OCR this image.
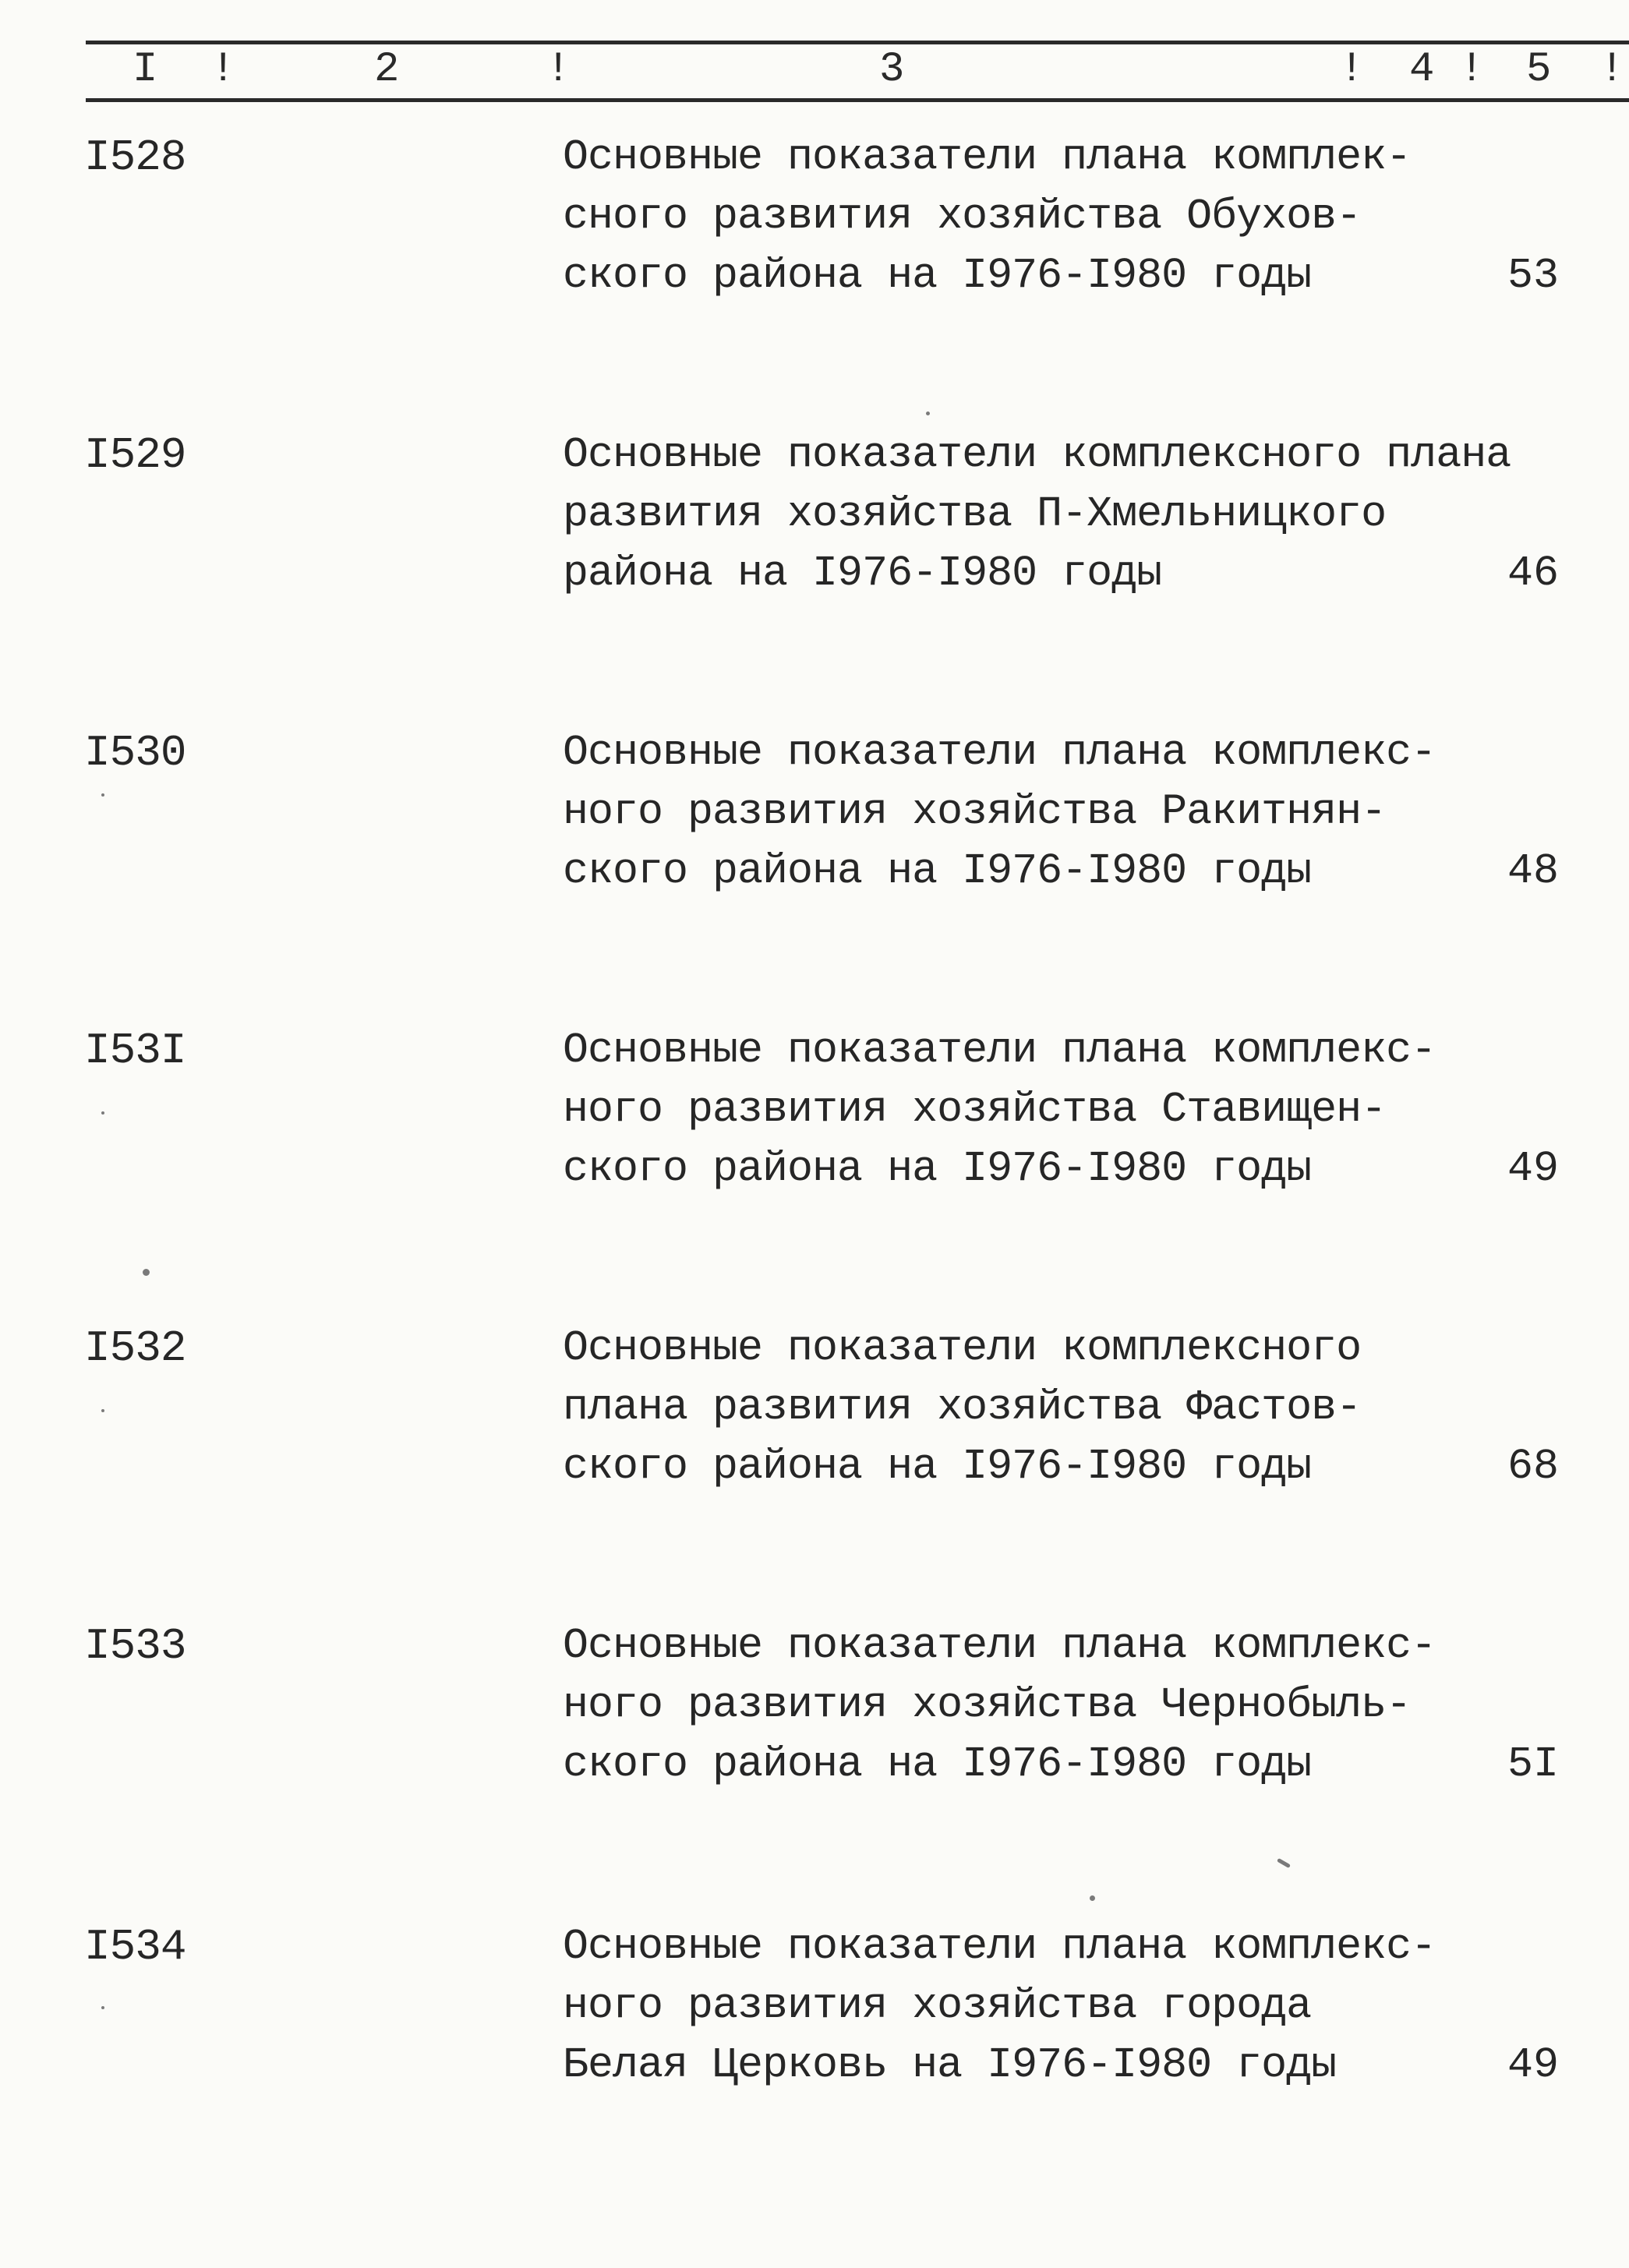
I !	2	!	3	! 4 ! 5 !
I528	Основные показатели плана комплек-
сного развития хозяйства Обухов-
ского района на I976-I980 годы	53
I529	Основные показатели комплексного плана
развития хозяйства П-Хмельницкого
района на I976-I980 годы	46
I530	Основные показатели плана комплекс-
ного развития хозяйства Ракитнян-
ского района на I976-I980 годы	48
I53I	Основные показатели плана комплекс-
ного развития хозяйства Ставищен-
ского района на I976-I980 годы	49
I532	Основные показатели комплексного
плана развития хозяйства Фастов-
ского района на I976-I980 годы	68
I533	Основные показатели плана комплекс-
ного развития хозяйства Чернобыль-
ского района на I976-I980 годы	5I
I534	Основные показатели плана комплекс-
ного развития хозяйства города
Белая Церковь на I976-I980 годы	49
